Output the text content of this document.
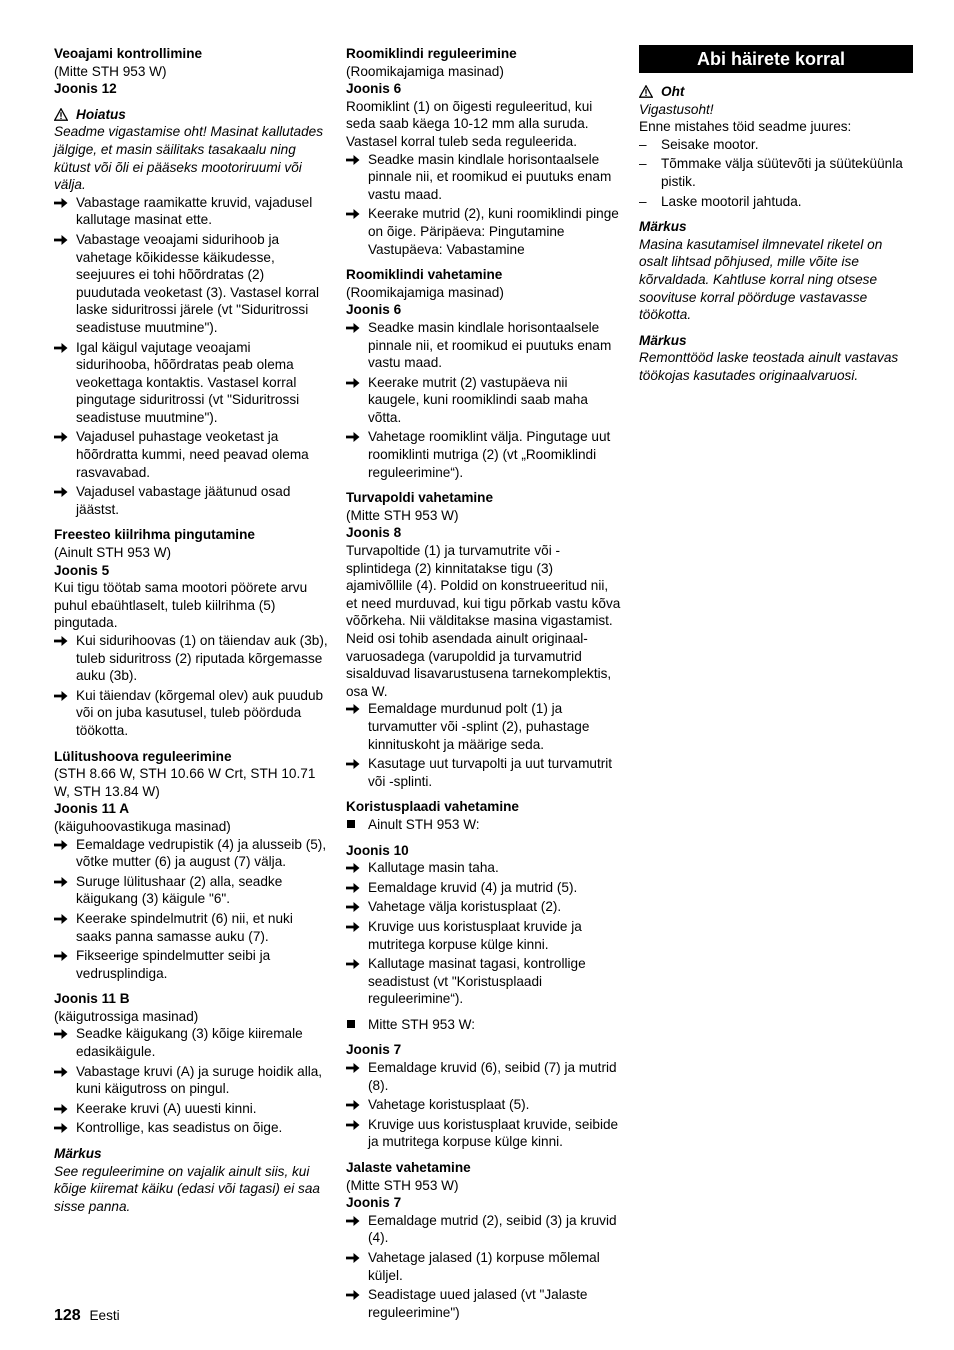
Veoajami kontrollimine
(Mitte STH 953 W)
Joonis 12
Hoiatus
Seadme vigastamise oht! Masinat kallutades jälgige, et masin säilitaks tasakaalu ning kütust või õli ei pääseks mootoriruumi või välja.
Vabastage raamikatte kruvid, vajadusel kallutage masinat ette.
Vabastage veoajami sidurihoob ja vahetage kõikidesse käikudesse, seejuures ei tohi hõõrdratas (2) puudutada veoketast (3). Vastasel korral laske siduritrossi järele (vt "Siduritrossi seadistuse muutmine").
Igal käigul vajutage veoajami sidurihooba, hõõrdratas peab olema veokettaga kontaktis. Vastasel korral pingutage siduritrossi (vt "Siduritrossi seadistuse muutmine").
Vajadusel puhastage veoketast ja hõõrdratta kummi, need peavad olema rasvavabad.
Vajadusel vabastage jäätunud osad jäästst.
Freesteo kiilrihma pingutamine
(Ainult STH 953 W)
Joonis 5
Kui tigu töötab sama mootori pöörete arvu puhul ebaühtlaselt, tuleb kiilrihma (5) pingutada.
Kui sidurihoovas (1) on täiendav auk (3b), tuleb siduritross (2) riputada kõrgemasse auku (3b).
Kui täiendav (kõrgemal olev) auk puudub või on juba kasutusel, tuleb pöörduda töökotta.
Lülitushoova reguleerimine
(STH 8.66 W, STH 10.66 W Crt, STH 10.71 W, STH 13.84 W)
Joonis 11 A
(käiguhoovastikuga masinad)
Eemaldage vedrupistik (4) ja alusseib (5), võtke mutter (6) ja august (7) välja.
Suruge lülitushaar (2) alla, seadke käigukang (3) käigule "6".
Keerake spindelmutrit (6) nii, et nuki saaks panna samasse auku (7).
Fikseerige spindelmutter seibi ja vedrusplindiga.
Joonis 11 B
(käigutrossiga masinad)
Seadke käigukang (3) kõige kiiremale edasikäigule.
Vabastage kruvi (A) ja suruge hoidik alla, kuni käigutross on pingul.
Keerake kruvi (A) uuesti kinni.
Kontrollige, kas seadistus on õige.
Märkus
See reguleerimine on vajalik ainult siis, kui kõige kiiremat käiku (edasi või tagasi) ei saa sisse panna.
Roomiklindi reguleerimine
(Roomikajamiga masinad)
Joonis 6
Roomiklint (1) on õigesti reguleeritud, kui seda saab käega 10-12 mm alla suruda. Vastasel korral tuleb seda reguleerida.
Seadke masin kindlale horisontaalsele pinnale nii, et roomikud ei puutuks enam vastu maad.
Keerake mutrid (2), kuni roomiklindi pinge on õige. Päripäeva: Pingutamine Vastupäeva: Vabastamine
Roomiklindi vahetamine
(Roomikajamiga masinad)
Joonis 6
Seadke masin kindlale horisontaalsele pinnale nii, et roomikud ei puutuks enam vastu maad.
Keerake mutrit (2) vastupäeva nii kaugele, kuni roomiklindi saab maha võtta.
Vahetage roomiklint välja. Pingutage uut roomiklinti mutriga (2) (vt „Roomiklindi reguleerimine“).
Turvapoldi vahetamine
(Mitte STH 953 W)
Joonis 8
Turvapoltide (1) ja turvamutrite või -splintidega (2) kinnitatakse tigu (3) ajamivõllile (4). Poldid on konstrueeritud nii, et need murduvad, kui tigu põrkab vastu kõva võõrkeha. Nii välditakse masina vigastamist. Neid osi tohib asendada ainult originaal-varuosadega (varupoldid ja turvamutrid sisalduvad lisavarustusena tarnekomplektis, osa W.
Eemaldage murdunud polt (1) ja turvamutter või -splint (2), puhastage kinnituskoht ja määrige seda.
Kasutage uut turvapolti ja uut turvamutrit või -splinti.
Koristusplaadi vahetamine
Ainult STH 953 W:
Joonis 10
Kallutage masin taha.
Eemaldage kruvid (4) ja mutrid (5).
Vahetage välja koristusplaat (2).
Kruvige uus koristusplaat kruvide ja mutritega korpuse külge kinni.
Kallutage masinat tagasi, kontrollige seadistust (vt "Koristusplaadi reguleerimine“).
Mitte STH 953 W:
Joonis 7
Eemaldage kruvid (6), seibid (7) ja mutrid (8).
Vahetage koristusplaat (5).
Kruvige uus koristusplaat kruvide, seibide ja mutritega korpuse külge kinni.
Jalaste vahetamine
(Mitte STH 953 W)
Joonis 7
Eemaldage mutrid (2), seibid (3) ja kruvid (4).
Vahetage jalased (1) korpuse mõlemal küljel.
Seadistage uued jalased (vt "Jalaste reguleerimine")
Abi häirete korral
Oht
Vigastusoht!
Enne mistahes töid seadme juures:
–	Seisake mootor.
–	Tõmmake välja süütevõti ja süüteküünla pistik.
–	Laske mootoril jahtuda.
Märkus
Masina kasutamisel ilmnevatel riketel on osalt lihtsad põhjused, mille võite ise kõrvaldada. Kahtluse korral ning otsese soovituse korral pöörduge vastavasse töökotta.
Märkus
Remonttööd laske teostada ainult vastavas töökojas kasutades originaalvaruosi.
128 Eesti
